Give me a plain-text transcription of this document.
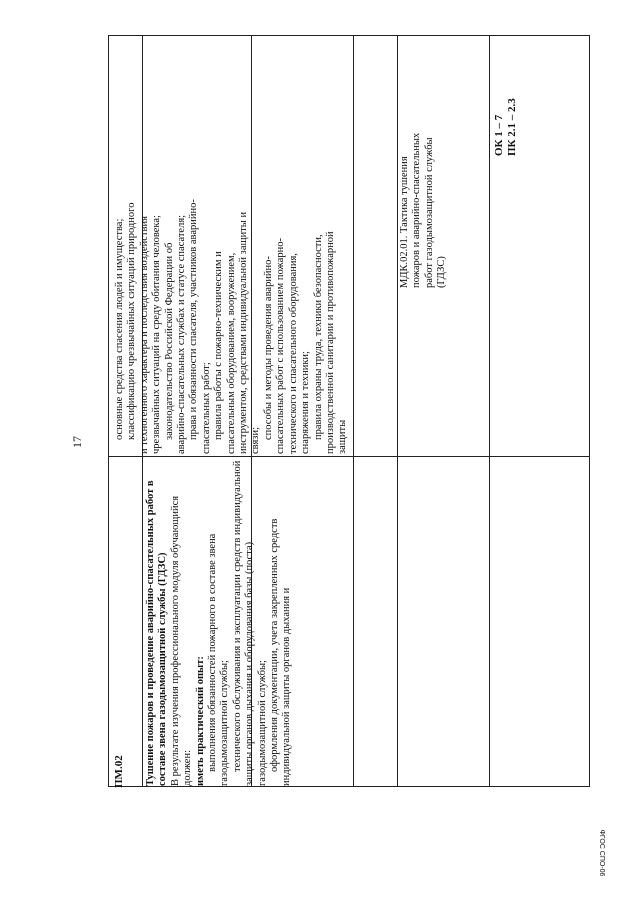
17

основные средства спасения людей и имущества; классификацию чрезвычайных ситуаций природного и техногенного характера и последствия воздействия чрезвычайных ситуаций на среду обитания человека; законодательство Российской Федерации об аварийно-спасательных службах и статусе спасателя; права и обязанности спасателя, участников аварийно- спасательных работ; правила работы с пожарно-техническим и спасательным оборудованием, вооружением, инструментом, средствами индивидуальной защиты и связи;

способы и методы проведения аварийно- спасательных работ с использованием пожарно- технического и спасательного оборудования, снаряжения и техники; правила охраны труда, техники безопасности, производственной санитарии и противопожарной защиты

МДК.02.01. Тактика тушения пожаров и аварийно-спасательных работ газодымозащитной службы (ГДЗС)

ОК 1 – 7 ПК 2.1 – 2.3

ПМ.02 Тушение пожаров и проведение аварийно-спасательных работ в составе звена газодымозащитной службы (ГДЗС) В результате изучения профессионального модуля обучающийся должен: иметь практический опыт: выполнения обязанностей пожарного в составе звена газодымозащитной службы; технического обслуживания и эксплуатации средств индивидуальной защиты органов дыхания и оборудования базы (поста) газодымозащитной службы; оформления документации, учета закрепленных средств индивидуальной защиты органов дыхания и

ФГОС СПО-06
